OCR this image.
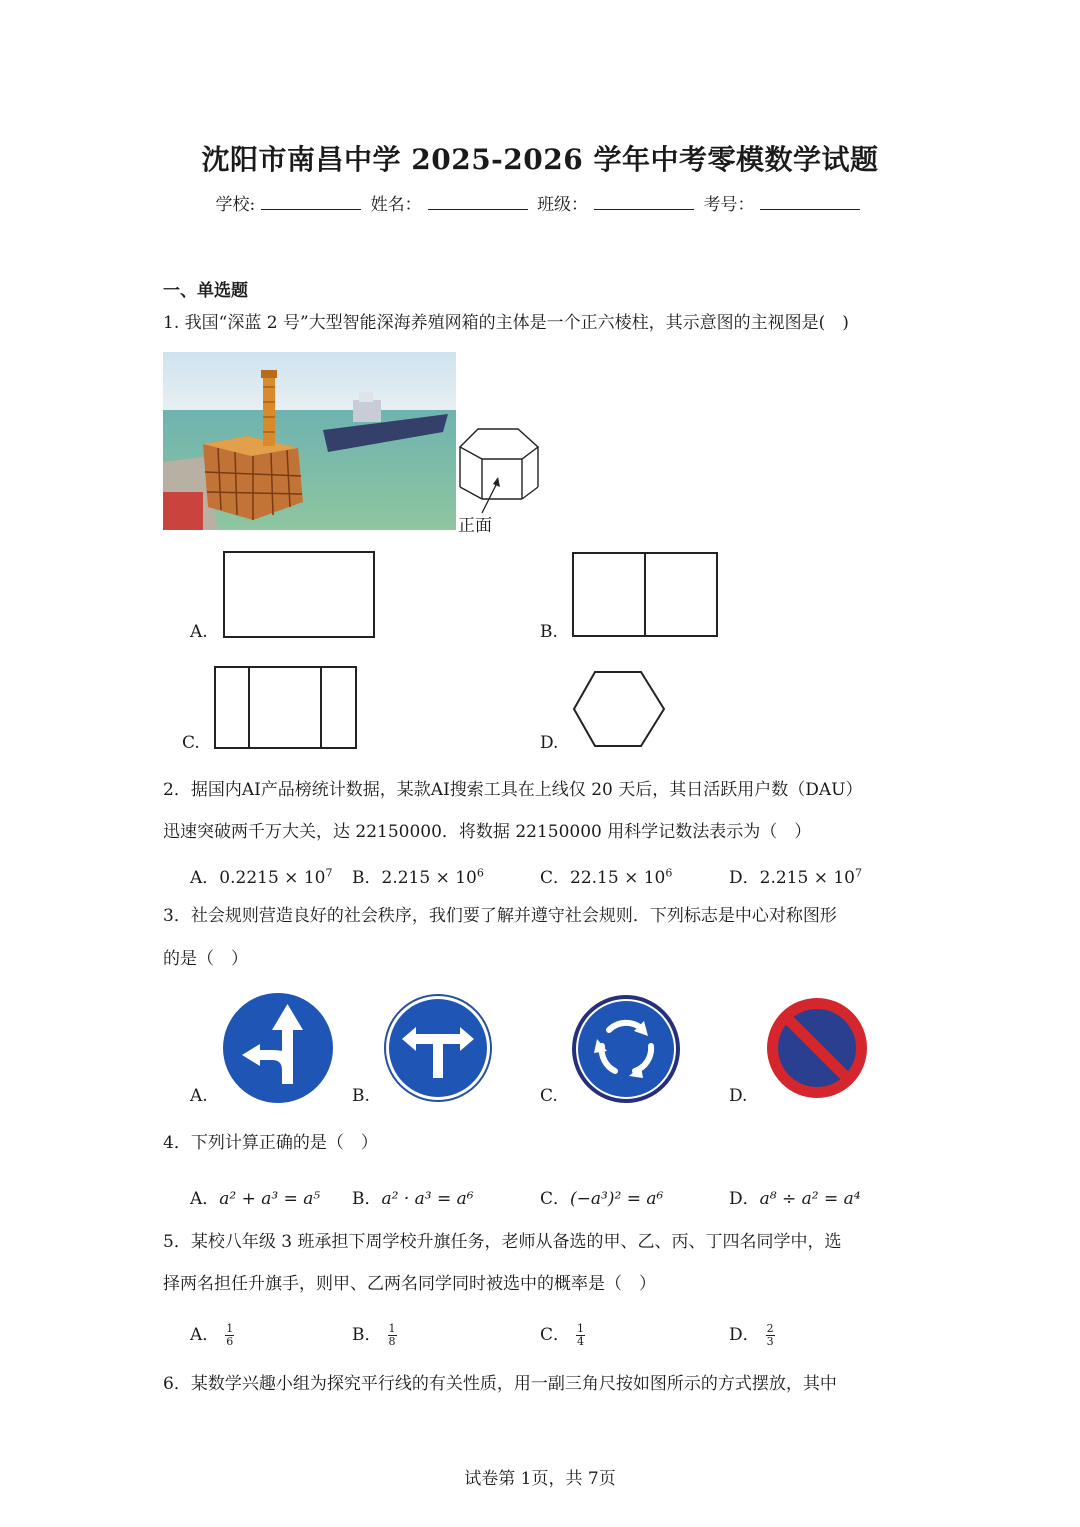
沈阳市南昌中学 2025-2026 学年中考零模数学试题
学校:	姓名：	班级：	考号：
一、单选题
1. 我国“深蓝 2 号”大型智能深海养殖网箱的主体是一个正六棱柱，其示意图的主视图是(　)
正面
A.	B.
C.	D.
2．据国内AI产品榜统计数据，某款AI搜索工具在上线仅 20 天后，其日活跃用户数（DAU）
迅速突破两千万大关，达 22150000．将数据 22150000 用科学记数法表示为（　）
A．$0.2215 \times 10^7$ B．$2.215 \times 10^6$	C．$22.15 \times 10^6$	D．$2.215 \times 10^7$
3．社会规则营造良好的社会秩序，我们要了解并遵守社会规则．下列标志是中心对称图形
的是（　）
A.	B.	C.	D.
4．下列计算正确的是（　）
A．a² + a³ = a⁵ B．a² · a³ = a⁶	C．(−a³)² = a⁶	D．a⁸ ÷ a² = a⁴
5．某校八年级 3 班承担下周学校升旗任务，老师从备选的甲、乙、丙、丁四名同学中，选
择两名担任升旗手，则甲、乙两名同学同时被选中的概率是（　）
A． $\frac{1}{6}$	B． $\frac{1}{8}$	C． $\frac{1}{4}$	D． $\frac{2}{3}$
6．某数学兴趣小组为探究平行线的有关性质，用一副三角尺按如图所示的方式摆放，其中
试卷第 1页，共 7页
